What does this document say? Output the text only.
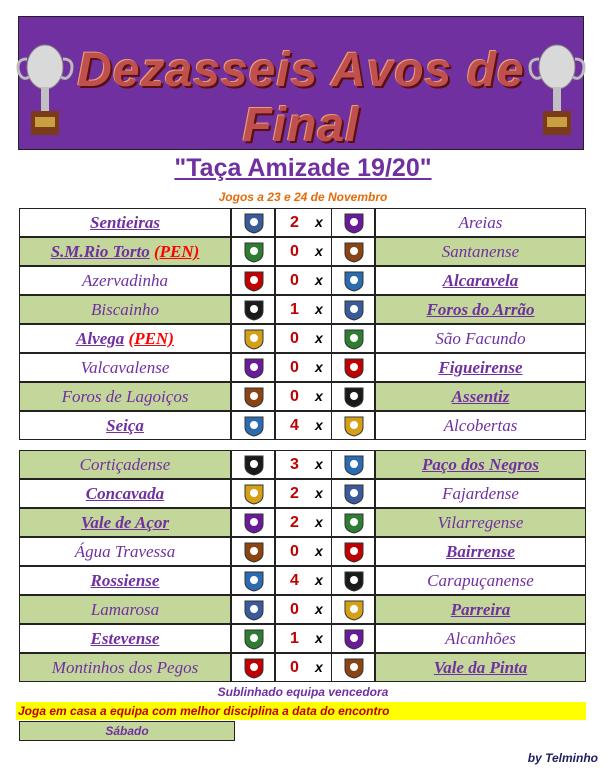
Dezasseis Avos de Final
"Taça Amizade 19/20"
Jogos a 23 e 24 de Novembro
Sentieiras	2 x	Areias
S.M.Rio Torto (PEN)	0 x	Santanense
Azervadinha	0 x	Alcaravela
Biscainho	1 x	Foros do Arrão
Alvega (PEN)	0 x	São Facundo
Valcavalense	0 x	Figueirense
Foros de Lagoiços	0 x	Assentiz
Seiça	4 x	Alcobertas
Cortiçadense	3 x	Paço dos Negros
Concavada	2 x	Fajardense
Vale de Açor	2 x	Vilarregense
Água Travessa	0 x	Bairrense
Rossiense	4 x	Carapuçanense
Lamarosa	0 x	Parreira
Estevense	1 x	Alcanhões
Montinhos dos Pegos	0 x	Vale da Pinta
Sublinhado equipa vencedora
Joga em casa a equipa com melhor disciplina a data do encontro
Sábado
by Telminho
